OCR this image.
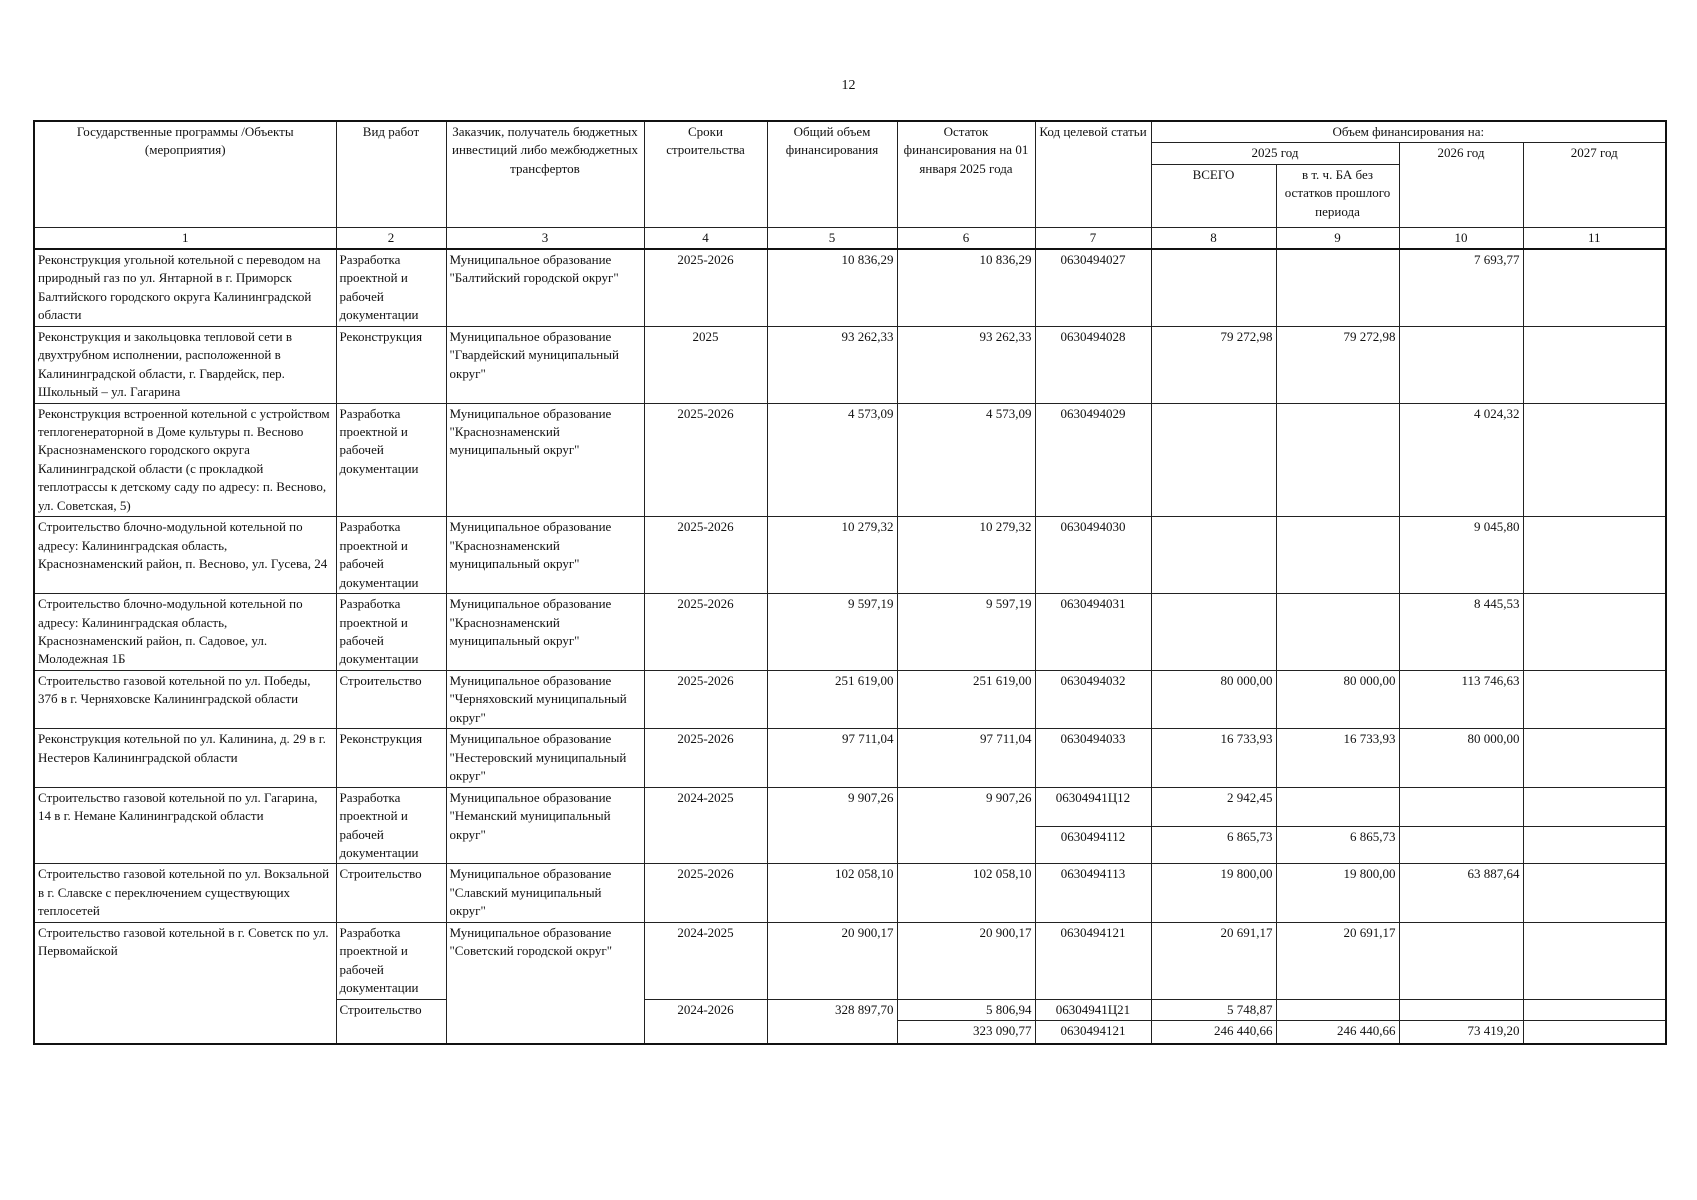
12
Государственные программы /Объекты (мероприятия)	Вид работ	Заказчик, получатель бюджетных инвестиций либо межбюджетных трансфертов	Сроки строительства	Общий объем финансирования	Остаток финансирования на 01 января 2025 года	Код целевой статьи	Объем финансирования на:			
							2025 год		2026 год	2027 год
							ВСЕГО	в т. ч. БА без остатков прошлого периода		
1	2	3	4	5	6	7	8	9	10	11
Реконструкция угольной котельной с переводом на природный газ по ул. Янтарной в г. Приморск Балтийского городского округа Калининградской области	Разработка проектной и рабочей документации	Муниципальное образование "Балтийский городской округ"	2025-2026	10 836,29	10 836,29	0630494027			7 693,77	
Реконструкция и закольцовка тепловой сети в двухтрубном исполнении, расположенной в Калининградской области, г. Гвардейск, пер. Школьный – ул. Гагарина	Реконструкция	Муниципальное образование "Гвардейский муниципальный округ"	2025	93 262,33	93 262,33	0630494028	79 272,98	79 272,98		
Реконструкция встроенной котельной с устройством теплогенераторной в Доме культуры п. Весново Краснознаменского городского округа Калининградской области (с прокладкой теплотрассы к детскому саду по адресу: п. Весново, ул. Советская, 5)	Разработка проектной и рабочей документации	Муниципальное образование "Краснознаменский муниципальный округ"	2025-2026	4 573,09	4 573,09	0630494029			4 024,32	
Строительство блочно-модульной котельной по адресу: Калининградская область, Краснознаменский район, п. Весново, ул. Гусева, 24	Разработка проектной и рабочей документации	Муниципальное образование "Краснознаменский муниципальный округ"	2025-2026	10 279,32	10 279,32	0630494030			9 045,80	
Строительство блочно-модульной котельной по адресу: Калининградская область, Краснознаменский район, п. Садовое, ул. Молодежная 1Б	Разработка проектной и рабочей документации	Муниципальное образование "Краснознаменский муниципальный округ"	2025-2026	9 597,19	9 597,19	0630494031			8 445,53	
Строительство газовой котельной по ул. Победы, 37б в г. Черняховске Калининградской области	Строительство	Муниципальное образование "Черняховский муниципальный округ"	2025-2026	251 619,00	251 619,00	0630494032	80 000,00	80 000,00	113 746,63	
Реконструкция котельной по ул. Калинина, д. 29 в г. Нестеров Калининградской области	Реконструкция	Муниципальное образование "Нестеровский муниципальный округ"	2025-2026	97 711,04	97 711,04	0630494033	16 733,93	16 733,93	80 000,00	
Строительство газовой котельной по ул. Гагарина, 14 в г. Немане Калининградской области	Разработка проектной и рабочей документации	Муниципальное образование "Неманский муниципальный округ"	2024-2025	9 907,26	9 907,26	06304941Ц12	2 942,45			
						0630494112	6 865,73	6 865,73		
Строительство газовой котельной по ул. Вокзальной в г. Славске с переключением существующих теплосетей	Строительство	Муниципальное образование "Славский муниципальный округ"	2025-2026	102 058,10	102 058,10	0630494113	19 800,00	19 800,00	63 887,64	
Строительство газовой котельной в г. Советск по ул. Первомайской	Разработка проектной и рабочей документации	Муниципальное образование "Советский городской округ"	2024-2025	20 900,17	20 900,17	0630494121	20 691,17	20 691,17		
	Строительство		2024-2026	328 897,70	5 806,94	06304941Ц21	5 748,87			
					323 090,77	0630494121	246 440,66	246 440,66	73 419,20	
